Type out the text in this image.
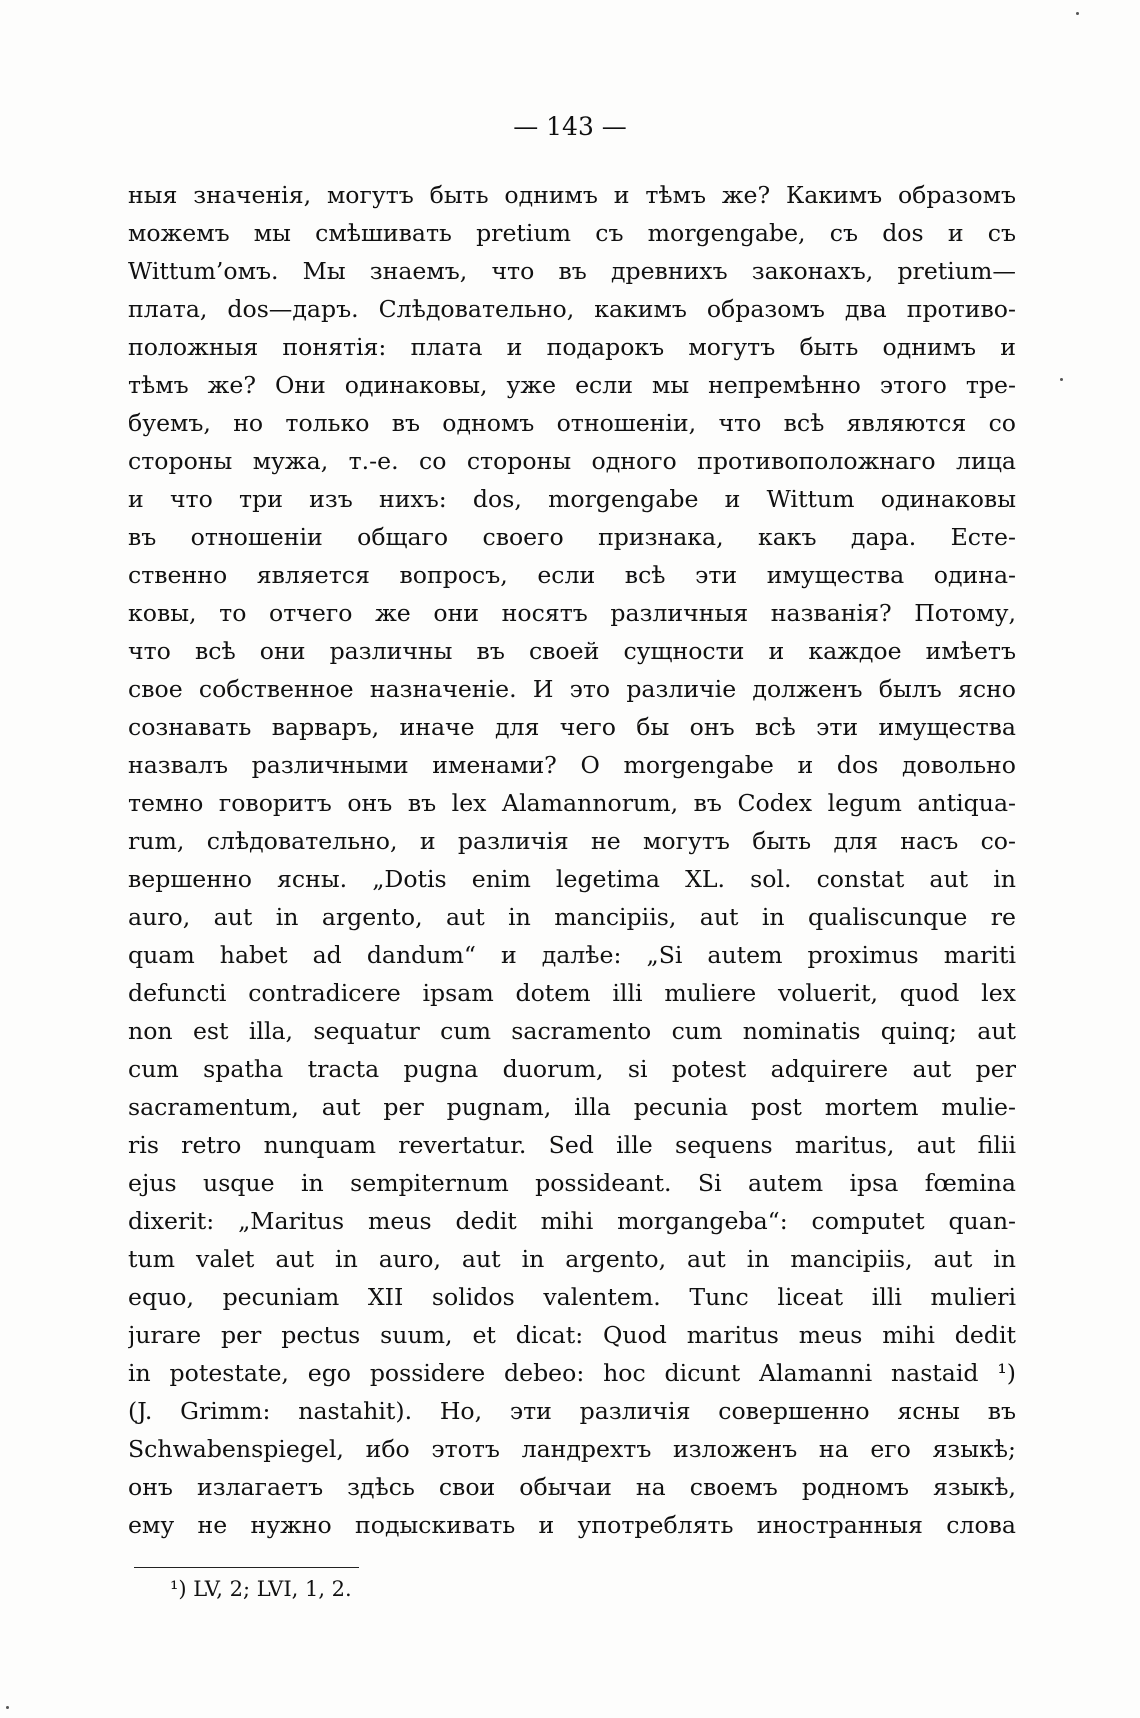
— 143 —
ныя значенія, могутъ быть однимъ и тѣмъ же? Какимъ образомъ
можемъ мы смѣшивать pretium съ morgengabe, съ dos и съ
Wittum’омъ. Мы знаемъ, что въ древнихъ законахъ, pretium—
плата, dos—даръ. Слѣдовательно, какимъ образомъ два противо-
положныя понятія: плата и подарокъ могутъ быть однимъ и
тѣмъ же? Они одинаковы, уже если мы непремѣнно этого тре-
буемъ, но только въ одномъ отношеніи, что всѣ являются со
стороны мужа, т.-е. со стороны одного противоположнаго лица
и что три изъ нихъ: dos, morgengabe и Wittum одинаковы
въ отношеніи общаго своего признака, какъ дара. Естe-
ственно является вопросъ, если всѣ эти имущества одина-
ковы, то отчего же они носятъ различныя названія? Потому,
что всѣ они различны въ своей сущности и каждое имѣетъ
свое собственное назначеніе. И это различіе долженъ былъ ясно
сознавать варваръ, иначе для чего бы онъ всѣ эти имущества
назвалъ различными именами? О morgengabe и dos довольно
темно говоритъ онъ въ lex Alamannorum, въ Codex legum antiqua-
rum, слѣдовательно, и различія не могутъ быть для насъ со-
вершенно ясны. „Dotis enim legetima XL. sol. constat aut in
auro, aut in argento, aut in mancipiis, aut in qualiscunque re
quam habet ad dandum“ и далѣе: „Si autem proximus mariti
defuncti contradicere ipsam dotem illi muliere voluerit, quod lex
non est illa, sequatur cum sacramento cum nominatis quinq; aut
cum spatha tracta pugna duorum, si potest adquirere aut per
sacramentum, aut per pugnam, illa pecunia post mortem mulie-
ris retro nunquam revertatur. Sed ille sequens maritus, aut filii
ejus usque in sempiternum possideant. Si autem ipsa fœmina
dixerit: „Maritus meus dedit mihi morgangeba“: computet quan-
tum valet aut in auro, aut in argento, aut in mancipiis, aut in
equo, pecuniam XII solidos valentem. Tunc liceat illi mulieri
jurare per pectus suum, et dicat: Quod maritus meus mihi dedit
in potestate, ego possidere debeo: hoc dicunt Alamanni nastaid ¹)
(J. Grimm: nastahit). Но, эти различія совершенно ясны въ
Schwabenspiegel, ибо этотъ ландрехтъ изложенъ на его языкѣ;
онъ излагаетъ здѣсь свои обычаи на своемъ родномъ языкѣ,
ему не нужно подыскивать и употреблять иностранныя слова
¹) LV, 2; LVI, 1, 2.
